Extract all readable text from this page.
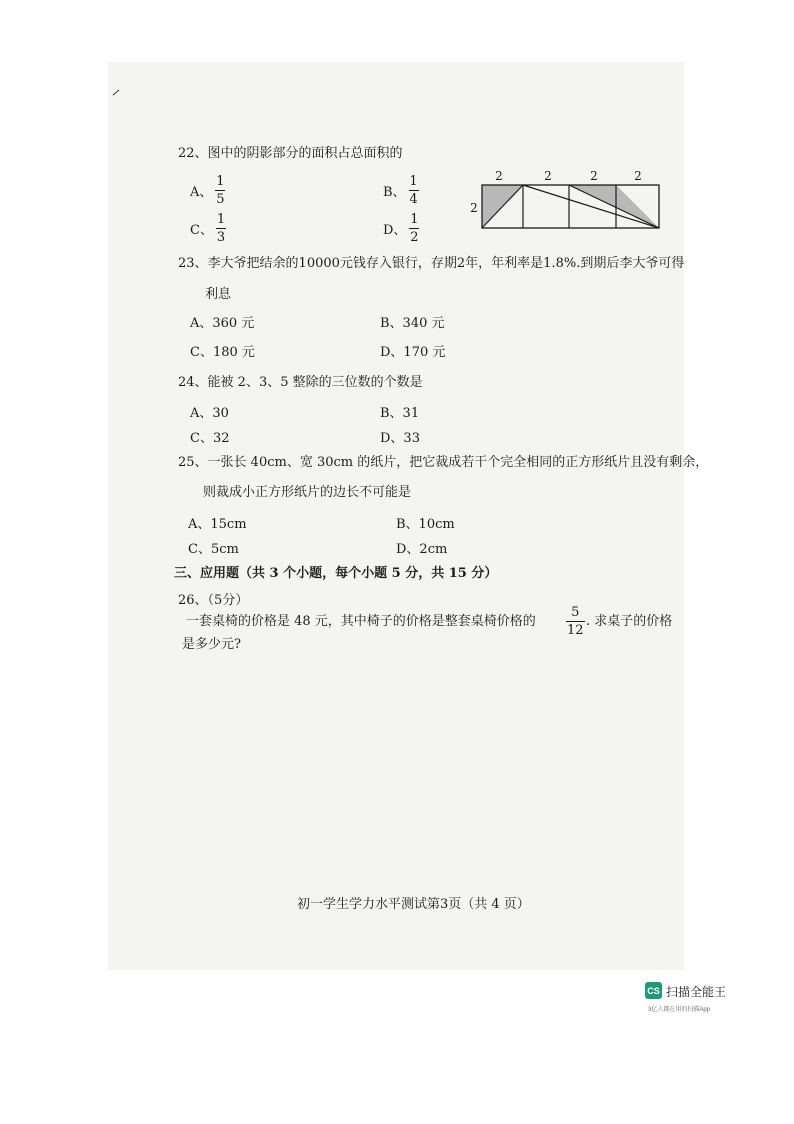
22、图中的阴影部分的面积占总面积的
A、
1
5	B、
1
4
C、
1
3	D、
1
2
2	2	2	2
2
23、李大爷把结余的10000元钱存入银行，存期2年，年利率是1.8%.到期后李大爷可得
利息
A、360 元	B、340 元
C、180 元	D、170 元
24、能被 2、3、5 整除的三位数的个数是
A、30	B、31
C、32	D、33
25、一张长 40cm、宽 30cm 的纸片，把它裁成若干个完全相同的正方形纸片且没有剩余，
则裁成小正方形纸片的边长不可能是
A、15cm	B、10cm
C、5cm	D、2cm
三、应用题（共 3 个小题，每个小题 5 分，共 15 分）
26、（5分）
一套桌椅的价格是 48 元，其中椅子的价格是整套桌椅价格的
5
12
. 求桌子的价格
是多少元?
初一学生学力水平测试第3页（共 4 页）
CS 扫描全能王
3亿人都在用的扫描App
